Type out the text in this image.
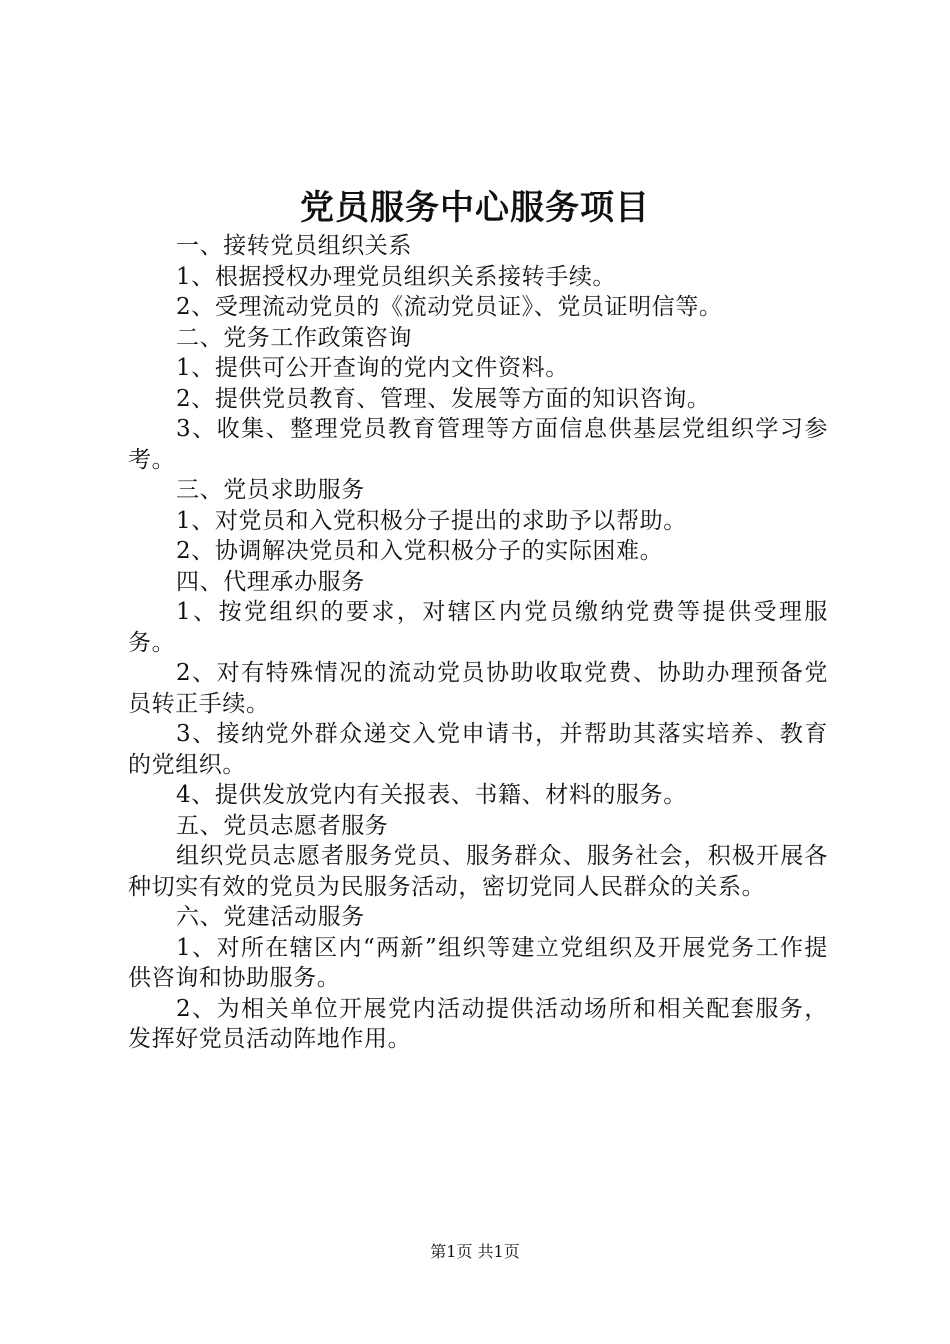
党员服务中心服务项目

一、接转党员组织关系

1、根据授权办理党员组织关系接转手续。

2、受理流动党员的《流动党员证》、党员证明信等。

二、党务工作政策咨询

1、提供可公开查询的党内文件资料。

2、提供党员教育、管理、发展等方面的知识咨询。

3、收集、整理党员教育管理等方面信息供基层党组织学习参考。

三、党员求助服务

1、对党员和入党积极分子提出的求助予以帮助。

2、协调解决党员和入党积极分子的实际困难。

四、代理承办服务

1、按党组织的要求，对辖区内党员缴纳党费等提供受理服务。

2、对有特殊情况的流动党员协助收取党费、协助办理预备党员转正手续。

3、接纳党外群众递交入党申请书，并帮助其落实培养、教育的党组织。

4、提供发放党内有关报表、书籍、材料的服务。

五、党员志愿者服务

组织党员志愿者服务党员、服务群众、服务社会，积极开展各种切实有效的党员为民服务活动，密切党同人民群众的关系。

六、党建活动服务

1、对所在辖区内“两新”组织等建立党组织及开展党务工作提供咨询和协助服务。

2、为相关单位开展党内活动提供活动场所和相关配套服务，发挥好党员活动阵地作用。

第1页 共1页
